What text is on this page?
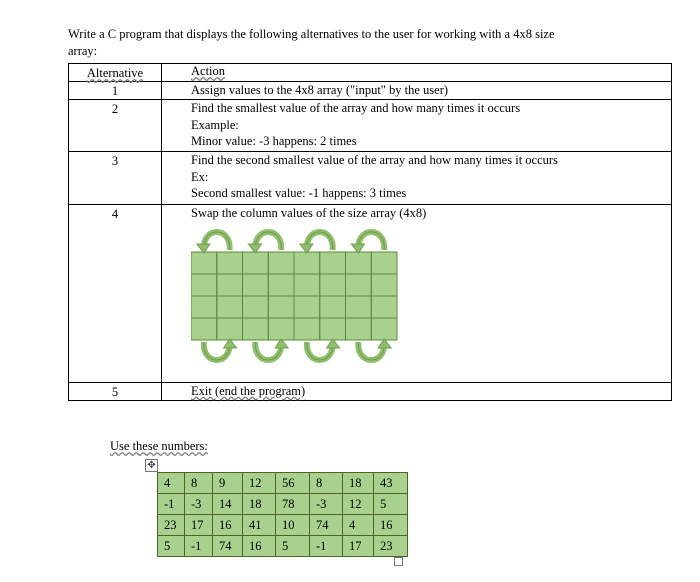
Write a C program that displays the following alternatives to the user for working with a 4x8 size
array:
Alternative	Action

1	Assign values to the 4x8 array ("input" by the user)

2	Find the smallest value of the array and how many times it occurs
Example:
Minor value: -3 happens: 2 times

3	Find the second smallest value of the array and how many times it occurs
Ex:
Second smallest value: -1 happens: 3 times

4	Swap the column values of the size array (4x8)

5	Exit (end the program)
Use these numbers:
✥
4	8	9	12	56	8	18	43
-1	-3	14	18	78	-3	12	5
23	17	16	41	10	74	4	16
5	-1	74	16	5	-1	17	23
